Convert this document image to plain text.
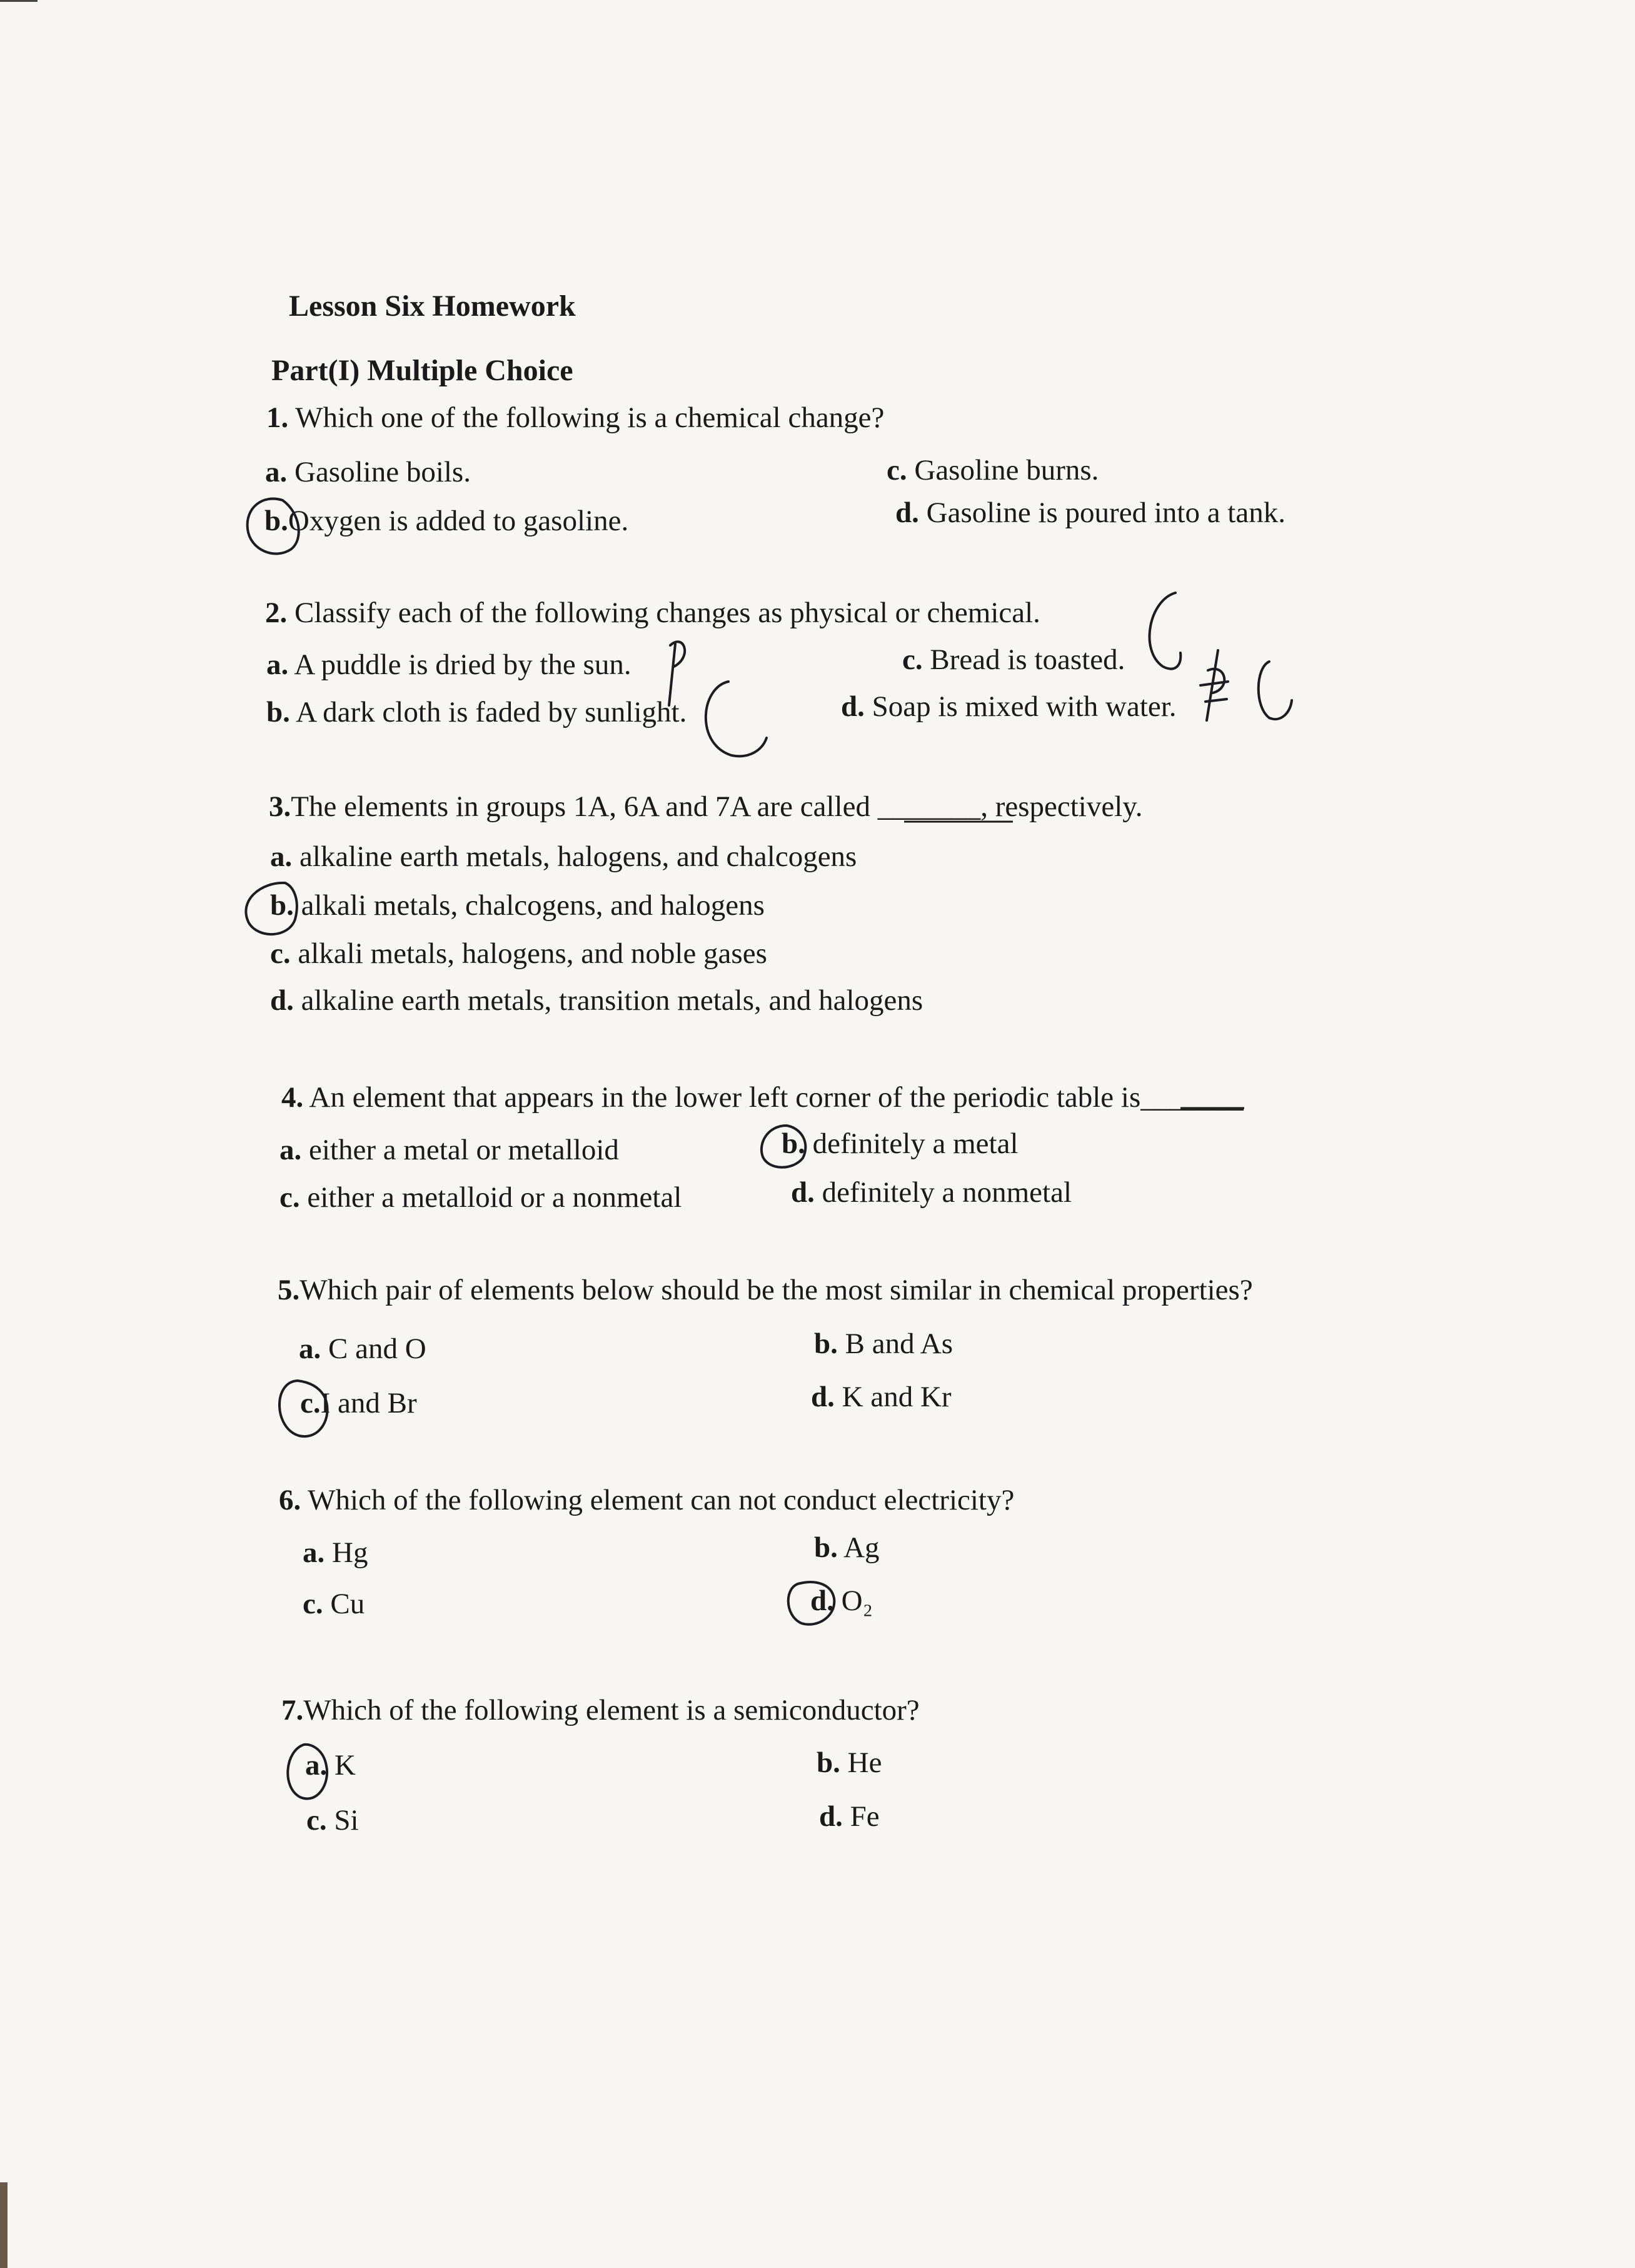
Lesson Six Homework
Part(I) Multiple Choice
1. Which one of the following is a chemical change?
a. Gasoline boils.	c. Gasoline burns.
b.Oxygen is added to gasoline.	d. Gasoline is poured into a tank.
2. Classify each of the following changes as physical or chemical.
a. A puddle is dried by the sun.	c. Bread is toasted.
b. A dark cloth is faded by sunlight.	d. Soap is mixed with water.
3.The elements in groups 1A, 6A and 7A are called _______, respectively.
a. alkaline earth metals, halogens, and chalcogens
b. alkali metals, chalcogens, and halogens
c. alkali metals, halogens, and noble gases
d. alkaline earth metals, transition metals, and halogens
4. An element that appears in the lower left corner of the periodic table is_______
a. either a metal or metalloid	b. definitely a metal
c. either a metalloid or a nonmetal	d. definitely a nonmetal
5.Which pair of elements below should be the most similar in chemical properties?
a. C and O	b. B and As
c.I and Br	d. K and Kr
6. Which of the following element can not conduct electricity?
a. Hg	b. Ag
c. Cu	d. O₂
7.Which of the following element is a semiconductor?
a. K	b. He
c. Si	d. Fe
